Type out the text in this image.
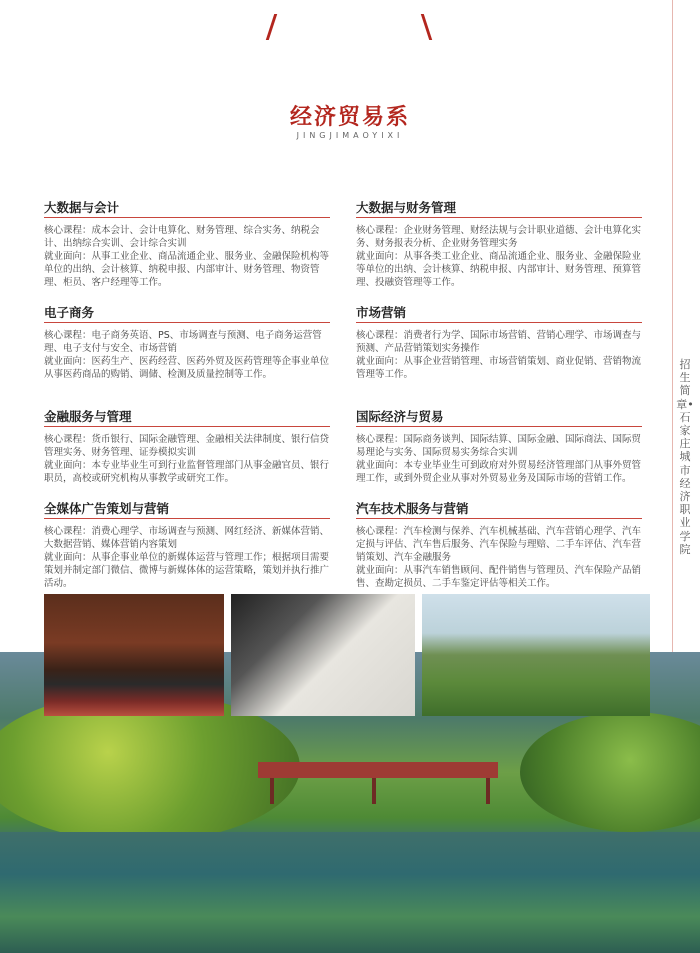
招生简章•石家庄城市经济职业学院
经济贸易系
JINGJIMAOYIXI
大数据与会计

核心课程：成本会计、会计电算化、财务管理、综合实务、纳税会计、出纳综合实训、会计综合实训

就业面向：从事工业企业、商品流通企业、服务业、金融保险机构等单位的出纳、会计核算、纳税申报、内部审计、财务管理、物资管理、柜员、客户经理等工作。

电子商务

核心课程：电子商务英语、PS、市场调查与预测、电子商务运营管理、电子支付与安全、市场营销

就业面向：医药生产、医药经营、医药外贸及医药管理等企事业单位从事医药商品的购销、调储、检测及质量控制等工作。

金融服务与管理

核心课程：货币银行、国际金融管理、金融相关法律制度、银行信贷管理实务、财务管理、证券模拟实训

就业面向：本专业毕业生可到行业监督管理部门从事金融官员、银行职员，高校或研究机构从事教学或研究工作。

全媒体广告策划与营销

核心课程：消费心理学、市场调查与预测、网红经济、新媒体营销、大数据营销、媒体营销内容策划

就业面向：从事企事业单位的新媒体运营与管理工作；根据项目需要策划并制定部门微信、微博与新媒体体的运营策略，策划并执行推广活动。

大数据与财务管理

核心课程：企业财务管理、财经法规与会计职业道德、会计电算化实务、财务报表分析、企业财务管理实务

就业面向：从事各类工业企业、商品流通企业、服务业、金融保险业等单位的出纳、会计核算、纳税申报、内部审计、财务管理、预算管理、投融资管理等工作。

市场营销

核心课程：消费者行为学、国际市场营销、营销心理学、市场调查与预测、产品营销策划实务操作

就业面向：从事企业营销管理、市场营销策划、商业促销、营销物流管理等工作。

国际经济与贸易

核心课程：国际商务谈判、国际结算、国际金融、国际商法、国际贸易理论与实务、国际贸易实务综合实训

就业面向：本专业毕业生可到政府对外贸易经济管理部门从事外贸管理工作，或到外贸企业从事对外贸易业务及国际市场的营销工作。

汽车技术服务与营销

核心课程：汽车检测与保养、汽车机械基础、汽车营销心理学、汽车定损与评估、汽车售后服务、汽车保险与理赔、二手车评估、汽车营销策划、汽车金融服务

就业面向：从事汽车销售顾问、配件销售与管理员、汽车保险产品销售、查勘定损员、二手车鉴定评估等相关工作。
